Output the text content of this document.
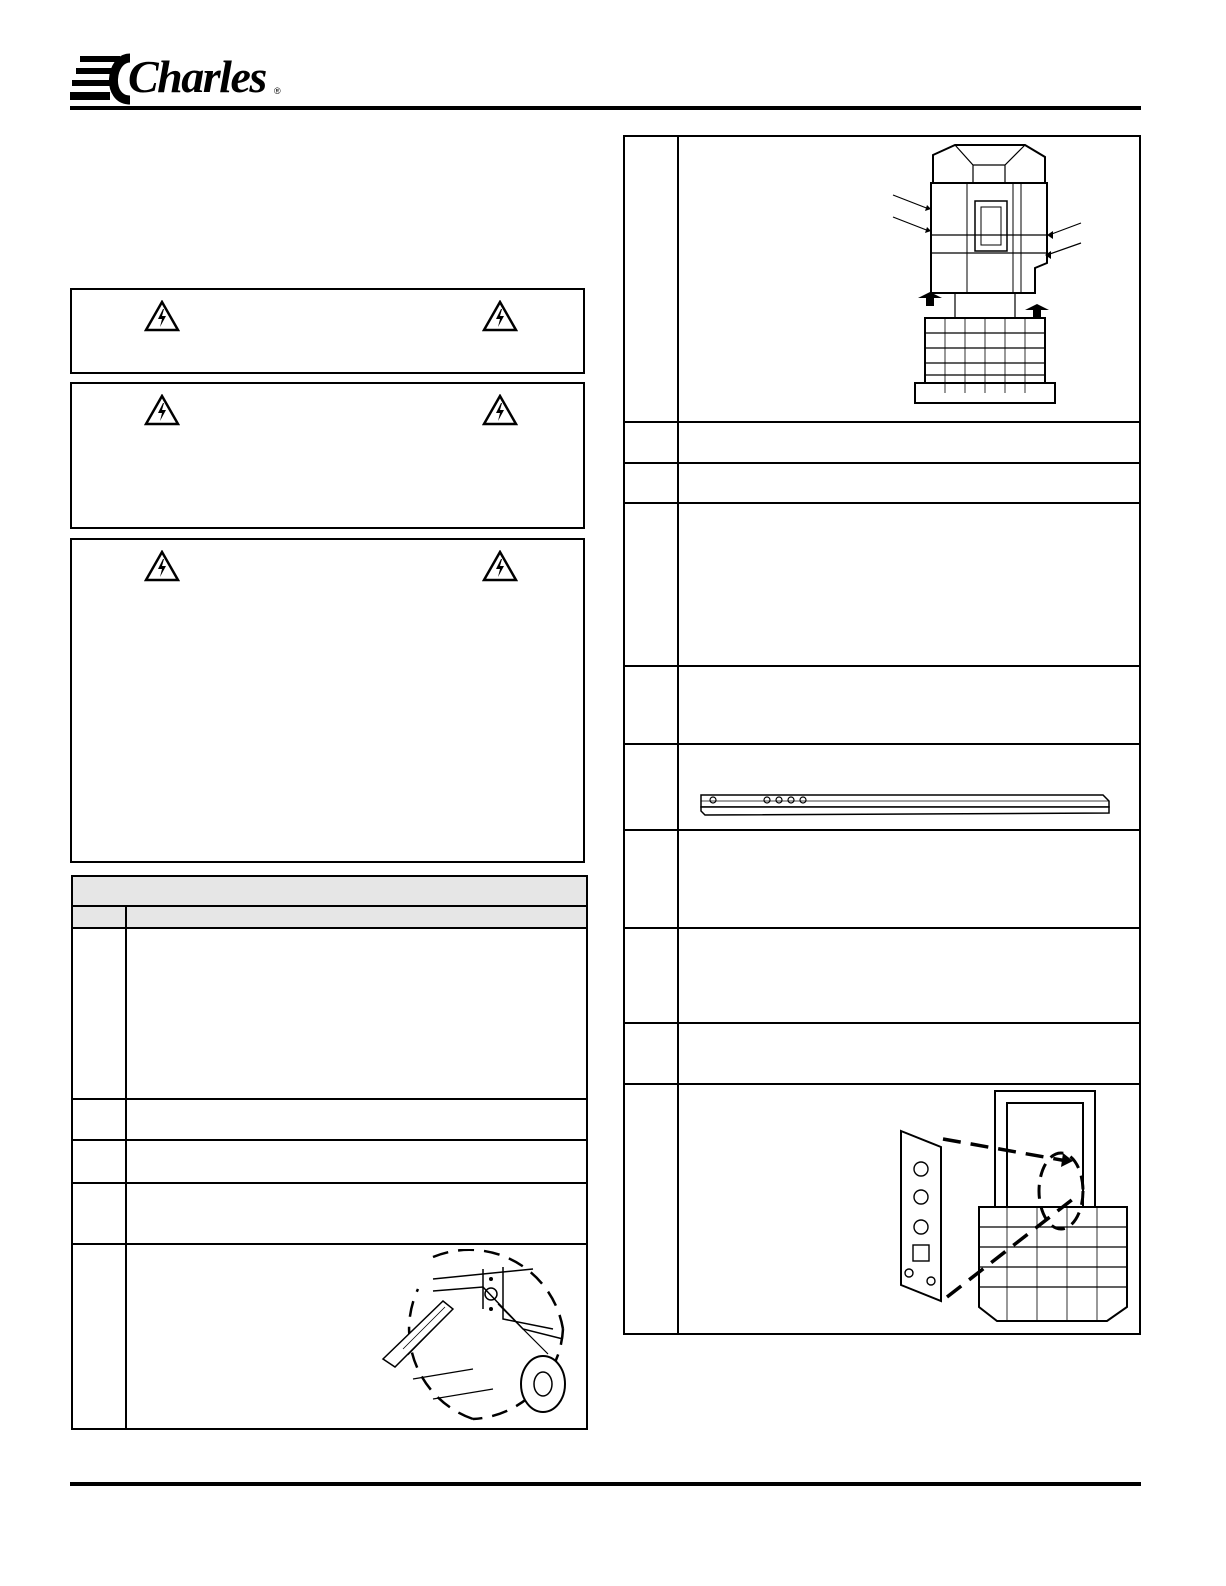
Charles ®
